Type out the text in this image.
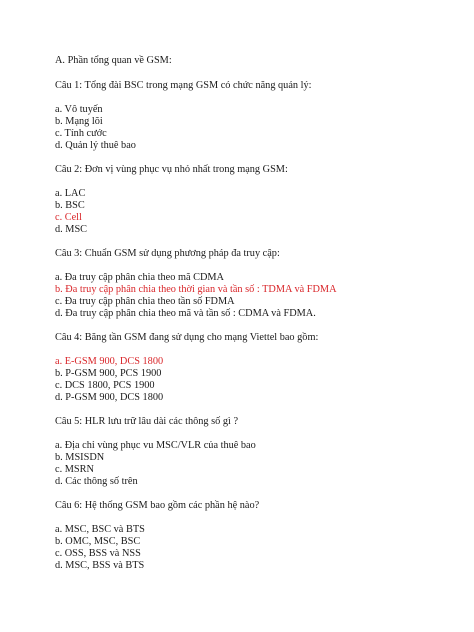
A. Phần tổng quan về GSM:
Câu 1: Tổng đài BSC trong mạng GSM có chức năng quản lý:
a. Vô tuyến
b. Mạng lõi
c. Tính cước
d. Quản lý thuê bao
Câu 2: Đơn vị vùng phục vụ nhỏ nhất trong mạng GSM:
a. LAC
b. BSC
c. Cell
d. MSC
Câu 3: Chuẩn GSM sử dụng phương pháp đa truy cập:
a. Đa truy cập phân chia theo mã CDMA
b. Đa truy cập phân chia theo thời gian và tần số : TDMA và FDMA
c. Đa truy cập phân chia theo tần số FDMA
d. Đa truy cập phân chia theo mã và tần số : CDMA và FDMA.
Câu 4: Băng tần GSM đang sử dụng cho mạng Viettel bao gồm:
a. E-GSM 900, DCS 1800
b. P-GSM 900, PCS 1900
c. DCS 1800, PCS 1900
d. P-GSM 900, DCS 1800
Câu 5: HLR lưu trữ lâu dài các thông số gì ?
a. Địa chỉ vùng phục vu MSC/VLR của thuê bao
b. MSISDN
c. MSRN
d. Các thông số trên
Câu 6: Hệ thống GSM bao gồm các phần hệ nào?
a. MSC, BSC và BTS
b. OMC, MSC, BSC
c. OSS, BSS và NSS
d. MSC, BSS và BTS
